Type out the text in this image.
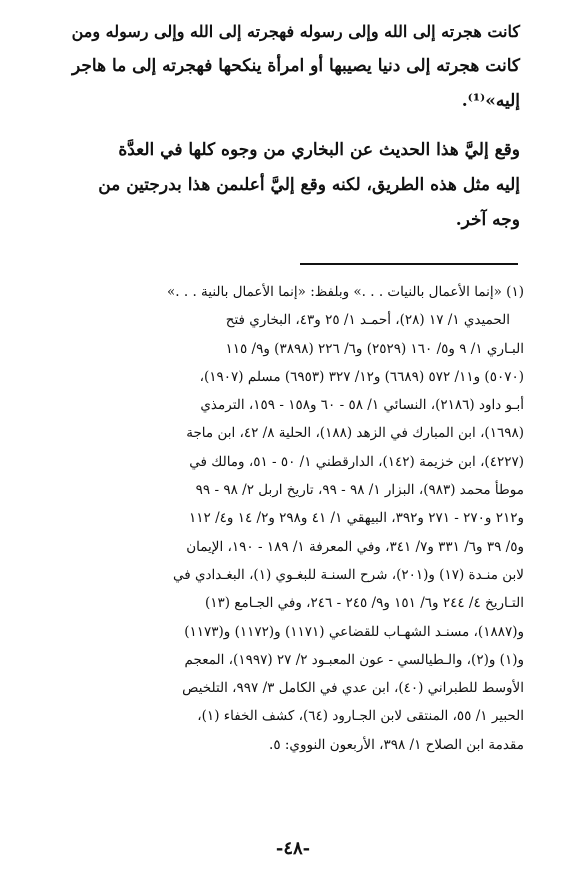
كانت هجرته إلى الله وإلى رسوله فهجرته إلى الله وإلى رسوله ومن
كانت هجرته إلى دنيا يصيبها أو امرأة ينكحها فهجرته إلى ما هاجر
إليه»⁽¹⁾.
وقع إليَّ هذا الحديث عن البخاري من وجوه كلها في العدَّة
إليه مثل هذه الطريق، لكنه وقع إليَّ أعلىمن هذا بدرجتين من
وجه آخر.
(١) «إنما الأعمال بالنيات . . .» وبلفظ: «إنما الأعمال بالنية . . .»
الحميدي ١/ ١٧ (٢٨)، أحمـد ١/ ٢٥ و٤٣، البخاري فتح
البـاري ١/ ٩ و٥/ ١٦٠ (٢٥٢٩) و٦/ ٢٢٦ (٣٨٩٨) و٩/ ١١٥
(٥٠٧٠) و١١/ ٥٧٢ (٦٦٨٩) و١٢/ ٣٢٧ (٦٩٥٣) مسلم (١٩٠٧)،
أبـو داود (٢١٨٦)، النسائي ١/ ٥٨ - ٦٠ و١٥٨ - ١٥٩، الترمذي
(١٦٩٨)، ابن المبارك في الزهد (١٨٨)، الحلية ٨/ ٤٢، ابن ماجة
(٤٢٢٧)، ابن خزيمة (١٤٢)، الدارقطني ١/ ٥٠ - ٥١، ومالك في
موطأ محمد (٩٨٣)، البزار ١/ ٩٨ - ٩٩، تاريخ اربل ٢/ ٩٨ - ٩٩
و٢١٢ و٢٧٠ - ٢٧١ و٣٩٢، البيهقي ١/ ٤١ و٢٩٨ و٢/ ١٤ و٤/ ١١٢
و٥/ ٣٩ و٦/ ٣٣١ و٧/ ٣٤١، وفي المعرفة ١/ ١٨٩ - ١٩٠، الإيمان
لابن منـدة (١٧) و(٢٠١)، شرح السنـة للبغـوي (١)، البغـدادي في
التـاريخ ٤/ ٢٤٤ و٦/ ١٥١ و٩/ ٢٤٥ - ٢٤٦، وفي الجـامع (١٣)
و(١٨٨٧)، مسنـد الشهـاب للقضاعي (١١٧١) و(١١٧٢) و(١١٧٣)
و(١) و(٢)، والـطيالسي - عون المعبـود ٢/ ٢٧ (١٩٩٧)، المعجم
الأوسط للطبراني (٤٠)، ابن عدي في الكامل ٣/ ٩٩٧، التلخيص
الحبير ١/ ٥٥، المنتقى لابن الجـارود (٦٤)، كشف الخفاء (١)،
مقدمة ابن الصلاح ١/ ٣٩٨، الأربعون النووي: ٥.
-٤٨-
